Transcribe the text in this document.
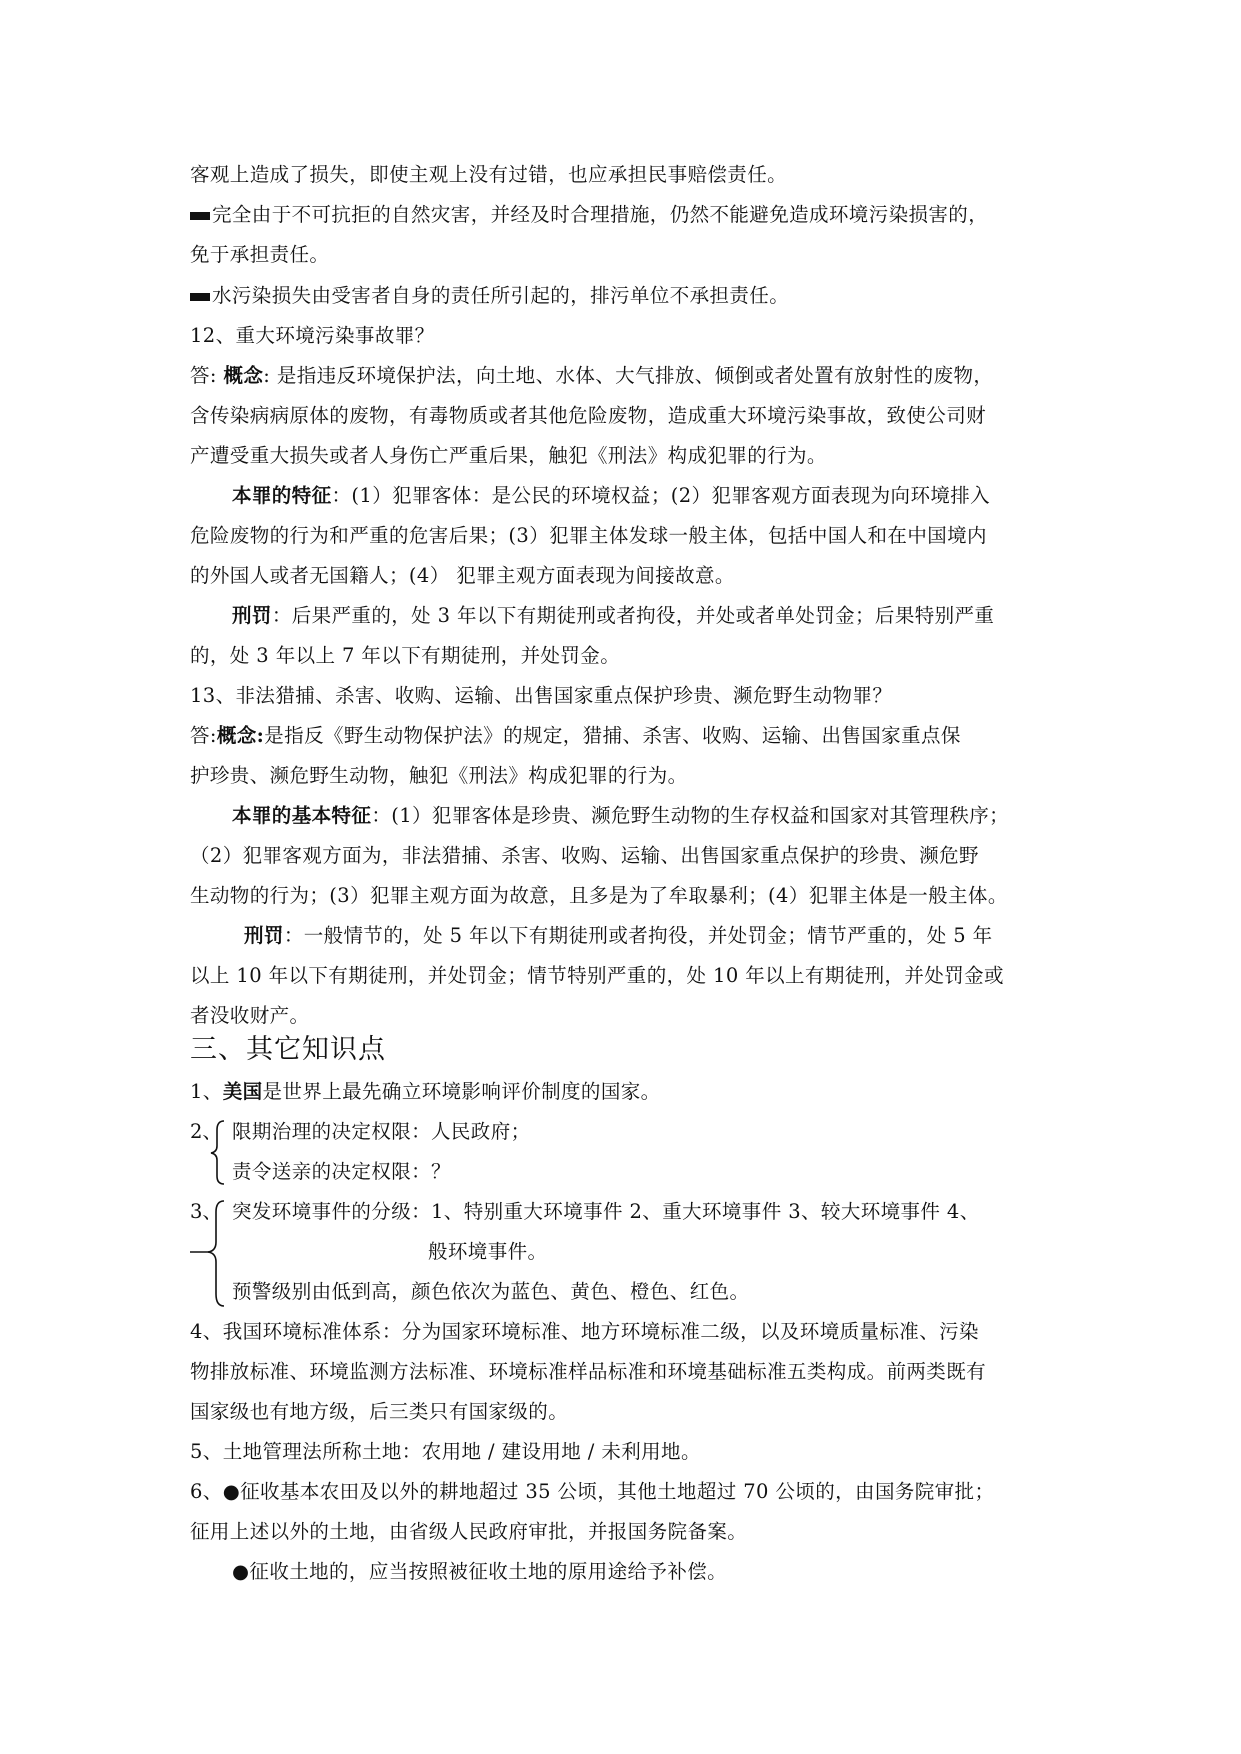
客观上造成了损失，即使主观上没有过错，也应承担民事赔偿责任。

完全由于不可抗拒的自然灾害，并经及时合理措施，仍然不能避免造成环境污染损害的，

免于承担责任。

水污染损失由受害者自身的责任所引起的，排污单位不承担责任。

12、重大环境污染事故罪？

答: 概念: 是指违反环境保护法，向土地、水体、大气排放、倾倒或者处置有放射性的废物，

含传染病病原体的废物，有毒物质或者其他危险废物，造成重大环境污染事故，致使公司财

产遭受重大损失或者人身伤亡严重后果，触犯《刑法》构成犯罪的行为。

本罪的特征：(1）犯罪客体：是公民的环境权益；(2）犯罪客观方面表现为向环境排入

危险废物的行为和严重的危害后果；(3）犯罪主体发球一般主体，包括中国人和在中国境内

的外国人或者无国籍人；(4） 犯罪主观方面表现为间接故意。

刑罚：后果严重的，处 3 年以下有期徒刑或者拘役，并处或者单处罚金；后果特别严重

的，处 3 年以上 7 年以下有期徒刑，并处罚金。

13、非法猎捕、杀害、收购、运输、出售国家重点保护珍贵、濒危野生动物罪？

答:概念:是指反《野生动物保护法》的规定，猎捕、杀害、收购、运输、出售国家重点保

护珍贵、濒危野生动物，触犯《刑法》构成犯罪的行为。

本罪的基本特征：(1）犯罪客体是珍贵、濒危野生动物的生存权益和国家对其管理秩序；

（2）犯罪客观方面为，非法猎捕、杀害、收购、运输、出售国家重点保护的珍贵、濒危野

生动物的行为；(3）犯罪主观方面为故意，且多是为了牟取暴利；(4）犯罪主体是一般主体。

刑罚：一般情节的，处 5 年以下有期徒刑或者拘役，并处罚金；情节严重的，处 5 年

以上 10 年以下有期徒刑，并处罚金；情节特别严重的，处 10 年以上有期徒刑，并处罚金或

者没收财产。

三、其它知识点

1、美国是世界上最先确立环境影响评价制度的国家。

2、 限期治理的决定权限：人民政府；
责令送亲的决定权限：？
3、 突发环境事件的分级：1、特别重大环境事件 2、重大环境事件 3、较大环境事件 4、
般环境事件。
预警级别由低到高，颜色依次为蓝色、黄色、橙色、红色。

4、我国环境标准体系：分为国家环境标准、地方环境标准二级，以及环境质量标准、污染

物排放标准、环境监测方法标准、环境标准样品标准和环境基础标准五类构成。前两类既有

国家级也有地方级，后三类只有国家级的。

5、土地管理法所称土地：农用地 / 建设用地 / 未利用地。

6、●征收基本农田及以外的耕地超过 35 公顷，其他土地超过 70 公顷的，由国务院审批；

征用上述以外的土地，由省级人民政府审批，并报国务院备案。

●征收土地的，应当按照被征收土地的原用途给予补偿。
